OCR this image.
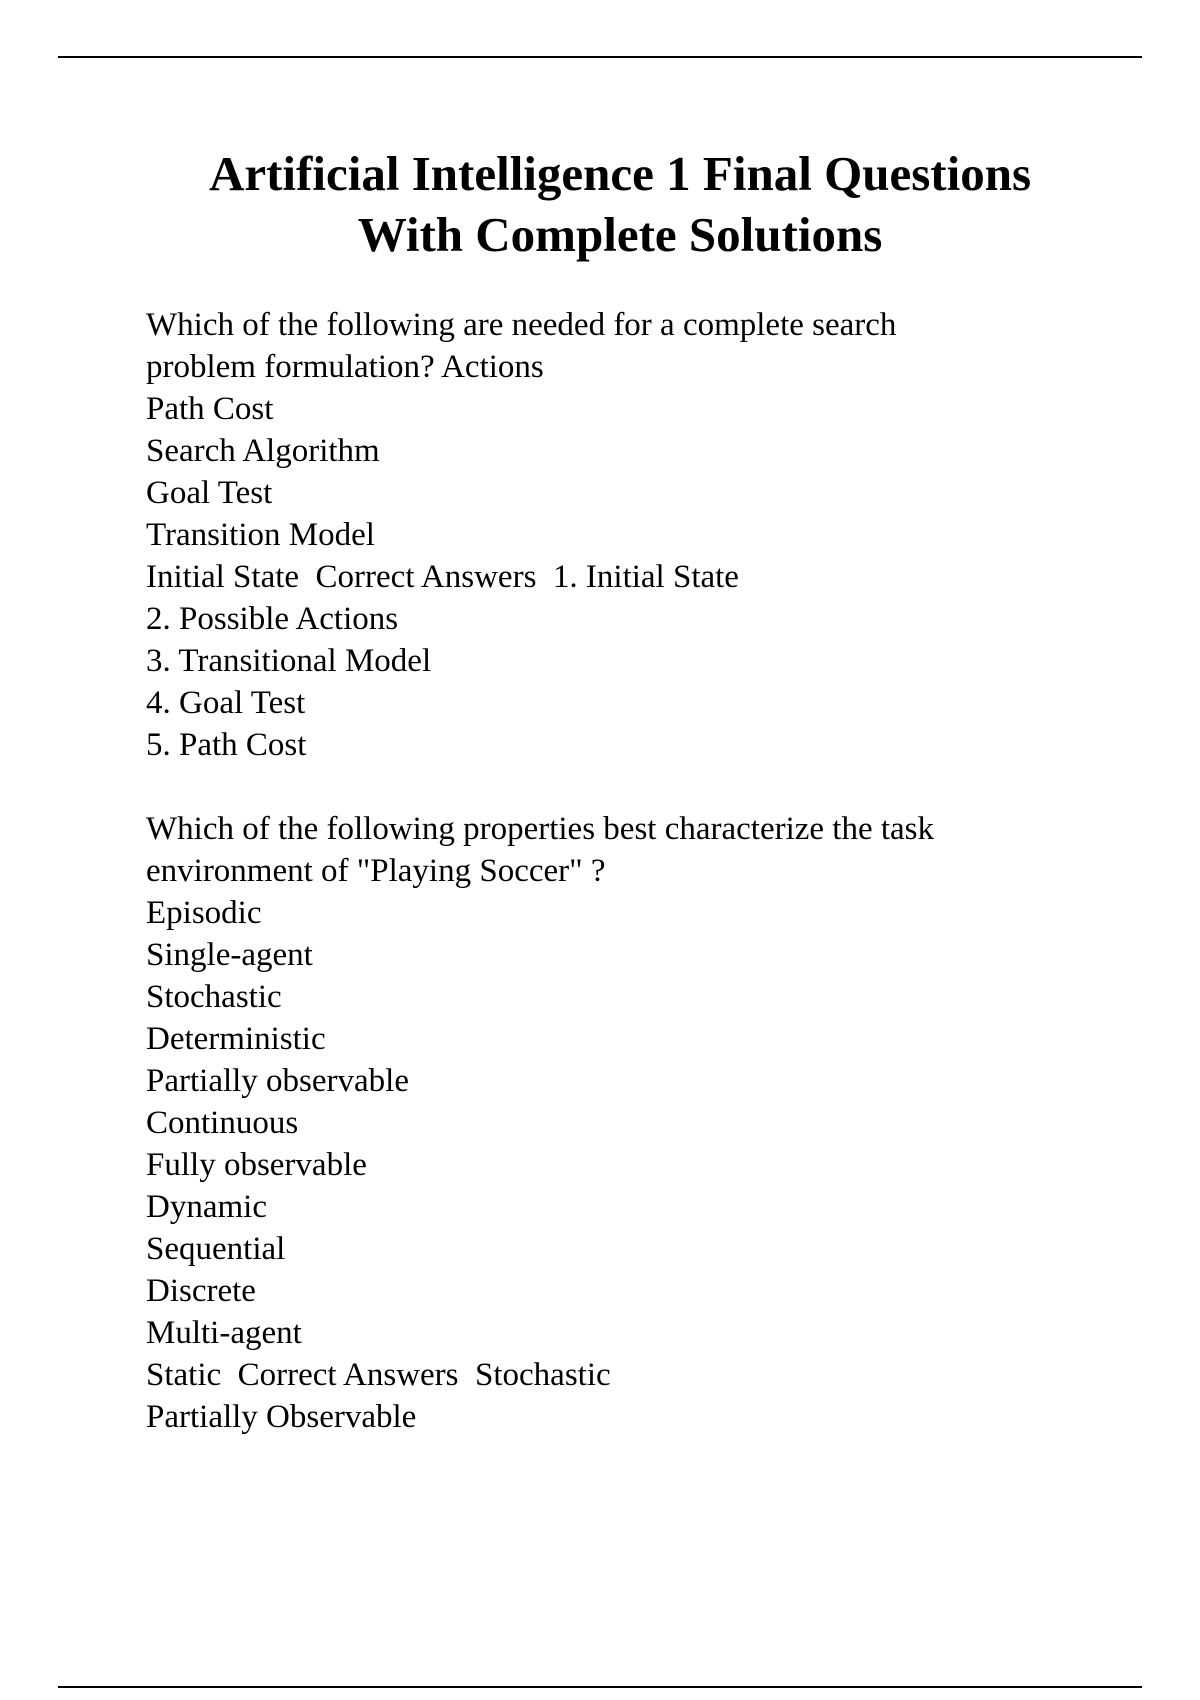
Artificial Intelligence 1 Final Questions
With Complete Solutions
Which of the following are needed for a complete search
problem formulation? Actions
Path Cost
Search Algorithm
Goal Test
Transition Model
Initial State  Correct Answers  1. Initial State
2. Possible Actions
3. Transitional Model
4. Goal Test
5. Path Cost
Which of the following properties best characterize the task
environment of "Playing Soccer" ?
Episodic
Single-agent
Stochastic
Deterministic
Partially observable
Continuous
Fully observable
Dynamic
Sequential
Discrete
Multi-agent
Static  Correct Answers  Stochastic
Partially Observable
